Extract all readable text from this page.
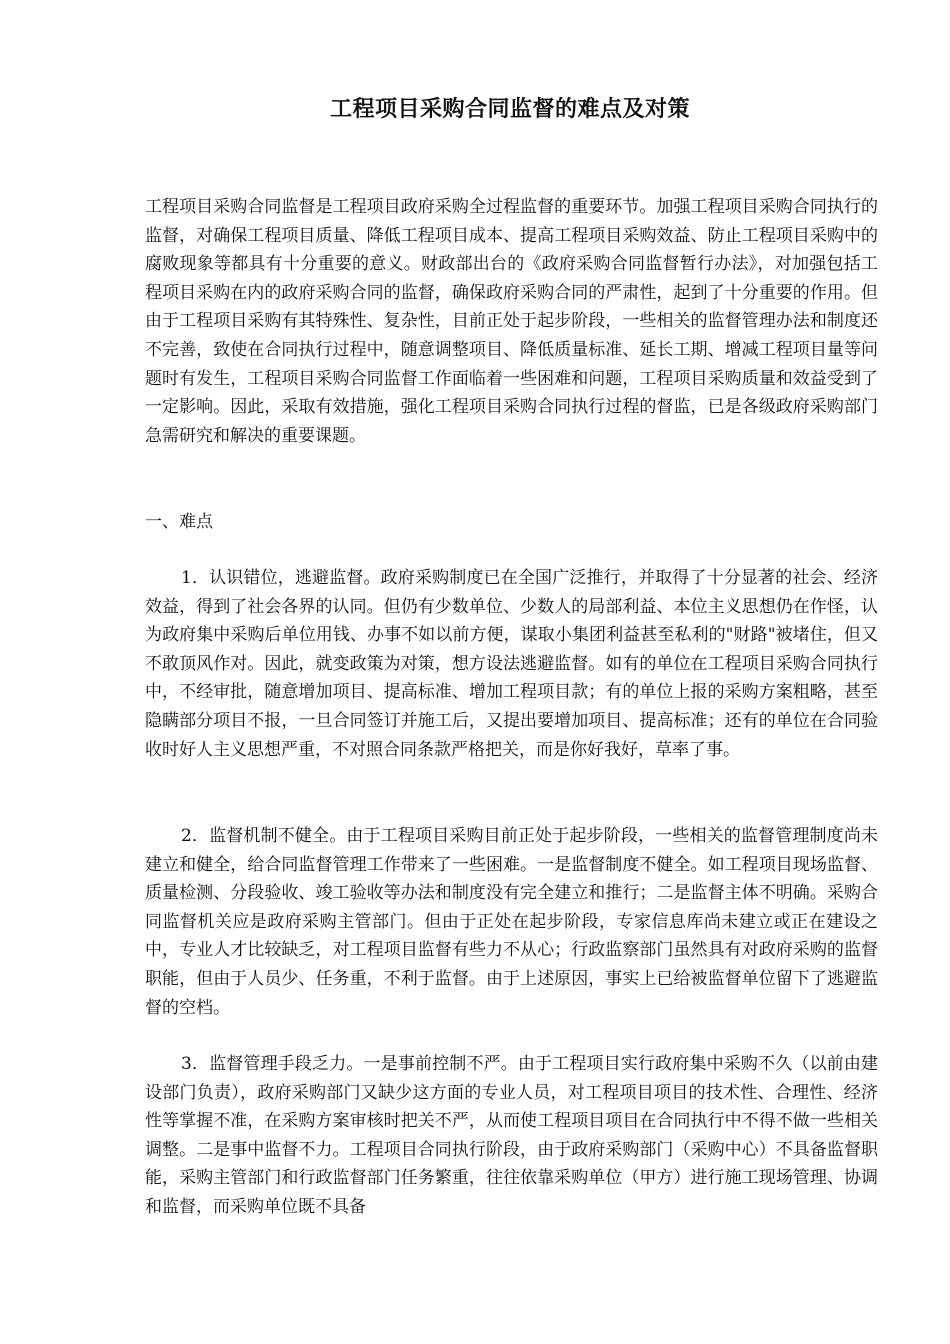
工程项目采购合同监督的难点及对策

工程项目采购合同监督是工程项目政府采购全过程监督的重要环节。加强工程项目采购合同执行的监督，对确保工程项目质量、降低工程项目成本、提高工程项目采购效益、防止工程项目采购中的腐败现象等都具有十分重要的意义。财政部出台的《政府采购合同监督暂行办法》，对加强包括工程项目采购在内的政府采购合同的监督，确保政府采购合同的严肃性，起到了十分重要的作用。但由于工程项目采购有其特殊性、复杂性，目前正处于起步阶段，一些相关的监督管理办法和制度还不完善，致使在合同执行过程中，随意调整项目、降低质量标准、延长工期、增减工程项目量等问题时有发生，工程项目采购合同监督工作面临着一些困难和问题，工程项目采购质量和效益受到了一定影响。因此，采取有效措施，强化工程项目采购合同执行过程的督监，已是各级政府采购部门急需研究和解决的重要课题。

一、难点

1．认识错位，逃避监督。政府采购制度已在全国广泛推行，并取得了十分显著的社会、经济效益，得到了社会各界的认同。但仍有少数单位、少数人的局部利益、本位主义思想仍在作怪，认为政府集中采购后单位用钱、办事不如以前方便，谋取小集团利益甚至私利的"财路"被堵住，但又不敢顶风作对。因此，就变政策为对策，想方设法逃避监督。如有的单位在工程项目采购合同执行中，不经审批，随意增加项目、提高标准、增加工程项目款；有的单位上报的采购方案粗略，甚至隐瞒部分项目不报，一旦合同签订并施工后，又提出要增加项目、提高标准；还有的单位在合同验收时好人主义思想严重，不对照合同条款严格把关，而是你好我好，草率了事。

2．监督机制不健全。由于工程项目采购目前正处于起步阶段，一些相关的监督管理制度尚未建立和健全，给合同监督管理工作带来了一些困难。一是监督制度不健全。如工程项目现场监督、质量检测、分段验收、竣工验收等办法和制度没有完全建立和推行；二是监督主体不明确。采购合同监督机关应是政府采购主管部门。但由于正处在起步阶段，专家信息库尚未建立或正在建设之中，专业人才比较缺乏，对工程项目监督有些力不从心；行政监察部门虽然具有对政府采购的监督职能，但由于人员少、任务重，不利于监督。由于上述原因，事实上已给被监督单位留下了逃避监督的空档。

3．监督管理手段乏力。一是事前控制不严。由于工程项目实行政府集中采购不久（以前由建设部门负责），政府采购部门又缺少这方面的专业人员，对工程项目项目的技术性、合理性、经济性等掌握不准，在采购方案审核时把关不严，从而使工程项目项目在合同执行中不得不做一些相关调整。二是事中监督不力。工程项目合同执行阶段，由于政府采购部门（采购中心）不具备监督职能，采购主管部门和行政监督部门任务繁重，往往依靠采购单位（甲方）进行施工现场管理、协调和监督，而采购单位既不具备
